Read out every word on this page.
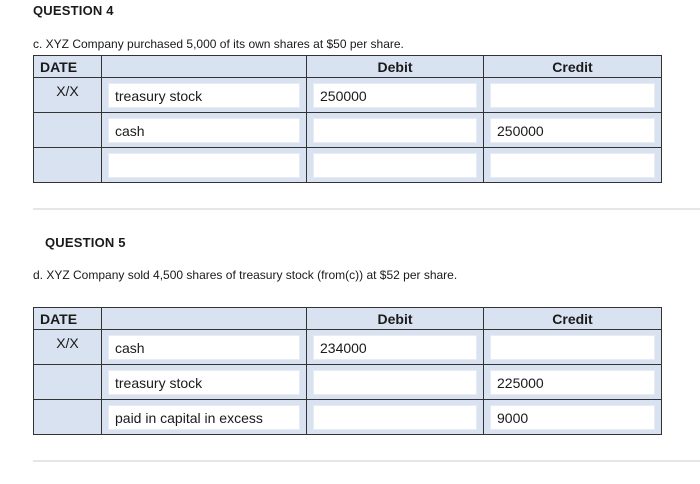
QUESTION 4
c. XYZ Company purchased 5,000 of its own shares at $50 per share.
DATE		Debit	Credit
X/X	treasury stock	250000	

	cash		250000

QUESTION 5
d. XYZ Company sold 4,500 shares of treasury stock (from(c)) at $52 per share.
DATE		Debit	Credit
X/X	cash	234000	

	treasury stock		225000

	paid in capital in excess		9000
